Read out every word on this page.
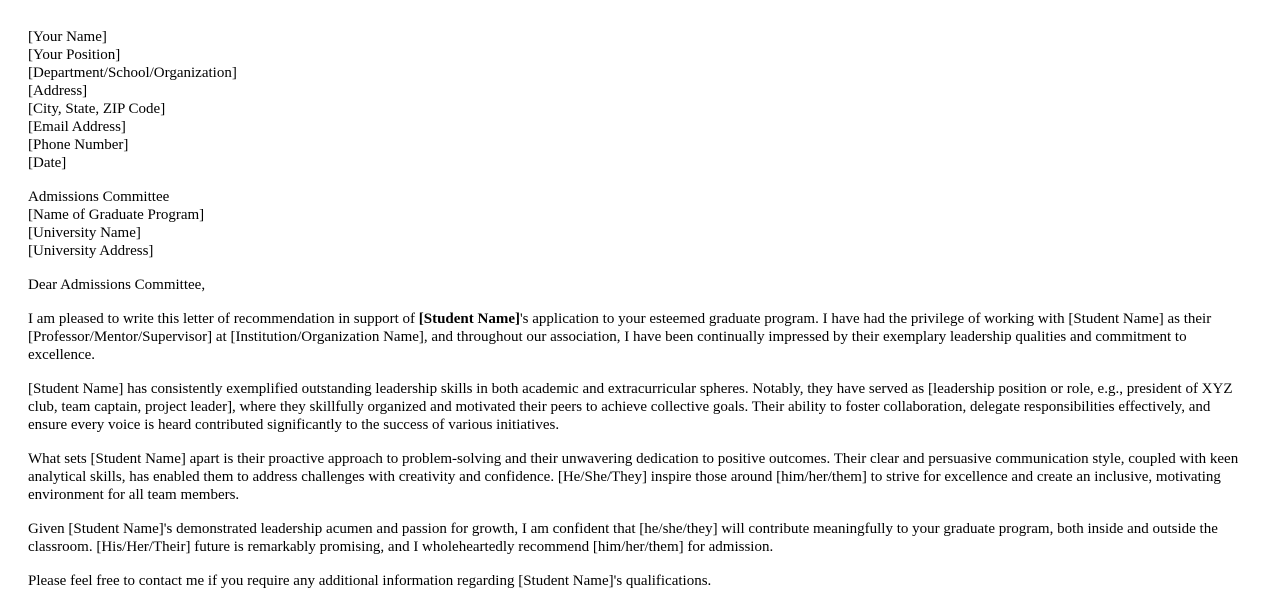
[Your Name]
[Your Position]
[Department/School/Organization]
[Address]
[City, State, ZIP Code]
[Email Address]
[Phone Number]
[Date]
Admissions Committee
[Name of Graduate Program]
[University Name]
[University Address]

Dear Admissions Committee,

I am pleased to write this letter of recommendation in support of [Student Name]'s application to your esteemed graduate program. I have had the privilege of working with [Student Name] as their [Professor/Mentor/Supervisor] at [Institution/Organization Name], and throughout our association, I have been continually impressed by their exemplary leadership qualities and commitment to excellence.

[Student Name] has consistently exemplified outstanding leadership skills in both academic and extracurricular spheres. Notably, they have served as [leadership position or role, e.g., president of XYZ club, team captain, project leader], where they skillfully organized and motivated their peers to achieve collective goals. Their ability to foster collaboration, delegate responsibilities effectively, and ensure every voice is heard contributed significantly to the success of various initiatives.

What sets [Student Name] apart is their proactive approach to problem-solving and their unwavering dedication to positive outcomes. Their clear and persuasive communication style, coupled with keen analytical skills, has enabled them to address challenges with creativity and confidence. [He/She/They] inspire those around [him/her/them] to strive for excellence and create an inclusive, motivating environment for all team members.

Given [Student Name]'s demonstrated leadership acumen and passion for growth, I am confident that [he/she/they] will contribute meaningfully to your graduate program, both inside and outside the classroom. [His/Her/Their] future is remarkably promising, and I wholeheartedly recommend [him/her/them] for admission.

Please feel free to contact me if you require any additional information regarding [Student Name]'s qualifications.
